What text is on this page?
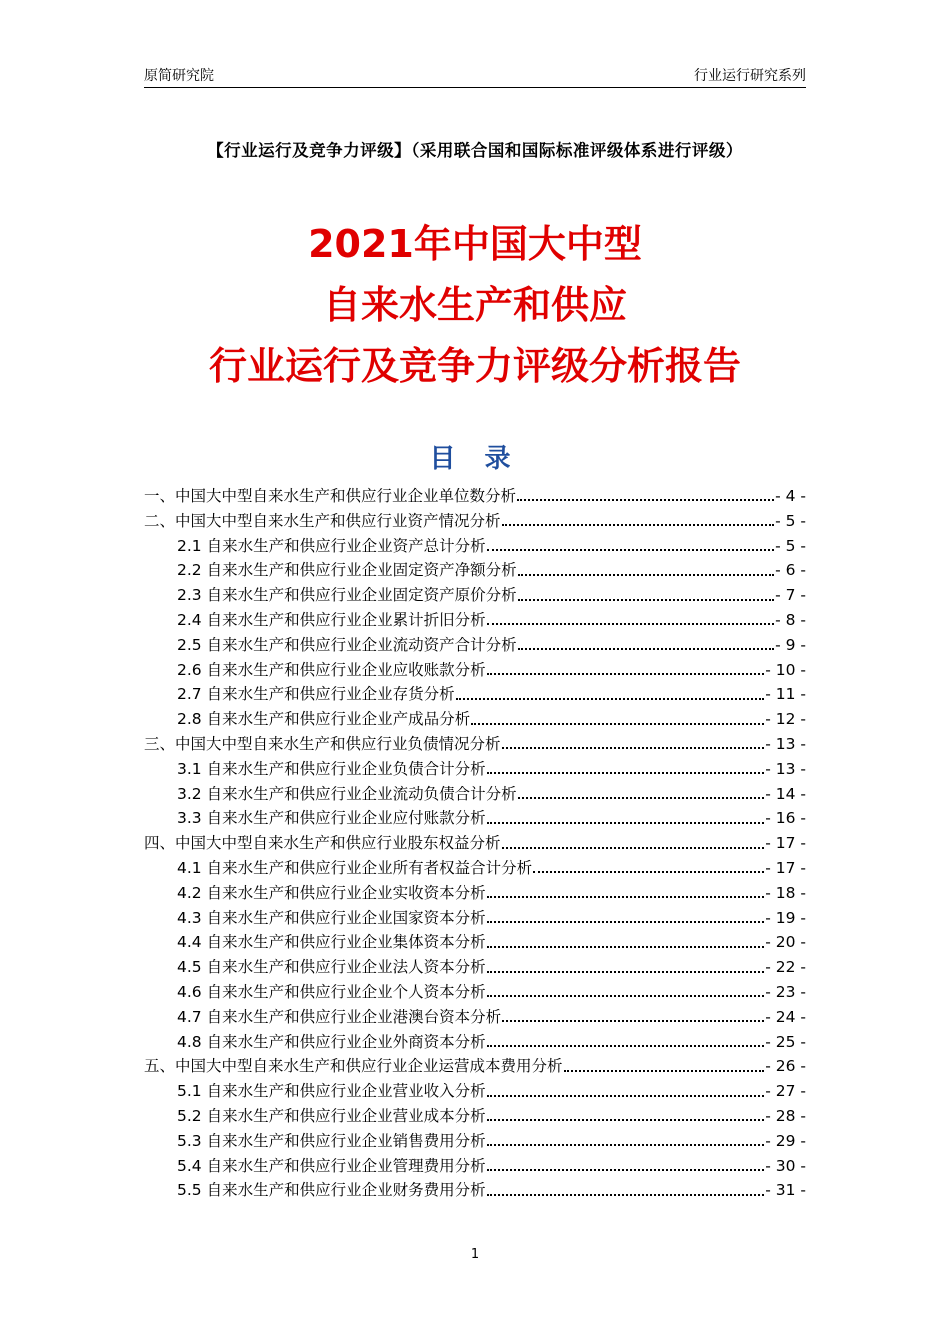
原简研究院	行业运行研究系列
【行业运行及竞争力评级】（采用联合国和国际标准评级体系进行评级）
2021年中国大中型
自来水生产和供应
行业运行及竞争力评级分析报告
目 录
一、中国大中型自来水生产和供应行业企业单位数分析	- 4 -
二、中国大中型自来水生产和供应行业资产情况分析	- 5 -
2.1 自来水生产和供应行业企业资产总计分析	- 5 -
2.2 自来水生产和供应行业企业固定资产净额分析	- 6 -
2.3 自来水生产和供应行业企业固定资产原价分析	- 7 -
2.4 自来水生产和供应行业企业累计折旧分析	- 8 -
2.5 自来水生产和供应行业企业流动资产合计分析	- 9 -
2.6 自来水生产和供应行业企业应收账款分析	- 10 -
2.7 自来水生产和供应行业企业存货分析	- 11 -
2.8 自来水生产和供应行业企业产成品分析	- 12 -
三、中国大中型自来水生产和供应行业负债情况分析	- 13 -
3.1 自来水生产和供应行业企业负债合计分析	- 13 -
3.2 自来水生产和供应行业企业流动负债合计分析	- 14 -
3.3 自来水生产和供应行业企业应付账款分析	- 16 -
四、中国大中型自来水生产和供应行业股东权益分析	- 17 -
4.1 自来水生产和供应行业企业所有者权益合计分析	- 17 -
4.2 自来水生产和供应行业企业实收资本分析	- 18 -
4.3 自来水生产和供应行业企业国家资本分析	- 19 -
4.4 自来水生产和供应行业企业集体资本分析	- 20 -
4.5 自来水生产和供应行业企业法人资本分析	- 22 -
4.6 自来水生产和供应行业企业个人资本分析	- 23 -
4.7 自来水生产和供应行业企业港澳台资本分析	- 24 -
4.8 自来水生产和供应行业企业外商资本分析	- 25 -
五、中国大中型自来水生产和供应行业企业运营成本费用分析	- 26 -
5.1 自来水生产和供应行业企业营业收入分析	- 27 -
5.2 自来水生产和供应行业企业营业成本分析	- 28 -
5.3 自来水生产和供应行业企业销售费用分析	- 29 -
5.4 自来水生产和供应行业企业管理费用分析	- 30 -
5.5 自来水生产和供应行业企业财务费用分析	- 31 -
1
